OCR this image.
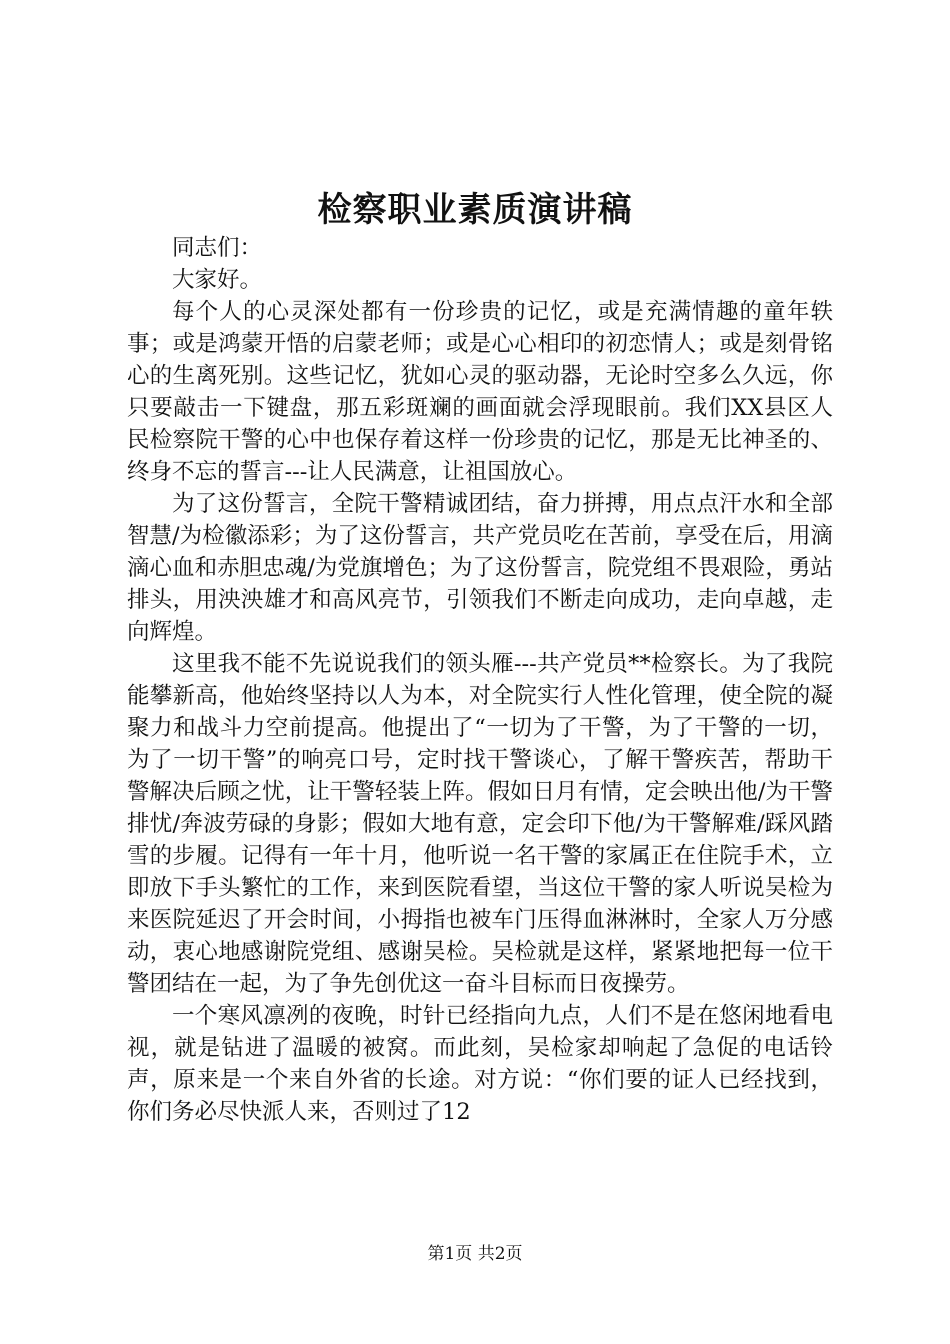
检察职业素质演讲稿

同志们：

大家好。

每个人的心灵深处都有一份珍贵的记忆，或是充满情趣的童年轶事；或是鸿蒙开悟的启蒙老师；或是心心相印的初恋情人；或是刻骨铭心的生离死别。这些记忆，犹如心灵的驱动器，无论时空多么久远，你只要敲击一下键盘，那五彩斑斓的画面就会浮现眼前。我们XX县区人民检察院干警的心中也保存着这样一份珍贵的记忆，那是无比神圣的、终身不忘的誓言---让人民满意，让祖国放心。

为了这份誓言，全院干警精诚团结，奋力拼搏，用点点汗水和全部智慧/为检徽添彩；为了这份誓言，共产党员吃在苦前，享受在后，用滴滴心血和赤胆忠魂/为党旗增色；为了这份誓言，院党组不畏艰险，勇站排头，用泱泱雄才和高风亮节，引领我们不断走向成功，走向卓越，走向辉煌。

这里我不能不先说说我们的领头雁---共产党员**检察长。为了我院能攀新高，他始终坚持以人为本，对全院实行人性化管理，使全院的凝聚力和战斗力空前提高。他提出了“一切为了干警，为了干警的一切，为了一切干警”的响亮口号，定时找干警谈心，了解干警疾苦，帮助干警解决后顾之忧，让干警轻装上阵。假如日月有情，定会映出他/为干警排忧/奔波劳碌的身影；假如大地有意，定会印下他/为干警解难/踩风踏雪的步履。记得有一年十月，他听说一名干警的家属正在住院手术，立即放下手头繁忙的工作，来到医院看望，当这位干警的家人听说吴检为来医院延迟了开会时间，小拇指也被车门压得血淋淋时，全家人万分感动，衷心地感谢院党组、感谢吴检。吴检就是这样，紧紧地把每一位干警团结在一起，为了争先创优这一奋斗目标而日夜操劳。

一个寒风凛冽的夜晚，时针已经指向九点，人们不是在悠闲地看电视，就是钻进了温暖的被窝。而此刻，吴检家却响起了急促的电话铃声，原来是一个来自外省的长途。对方说：“你们要的证人已经找到，你们务必尽快派人来，否则过了12

第1页 共2页
